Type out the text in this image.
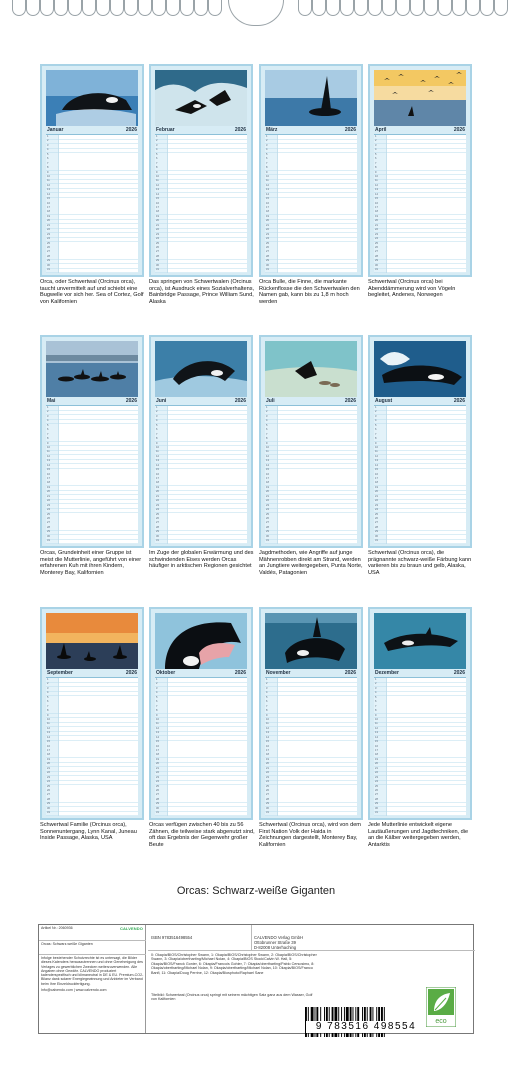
Januar	2026
1
2
3
4
5
6
7
8
9
10
11
12
13
14
15
16
17
18
19
20
21
22
23
24
25
26
27
28
29
30
31
Orca, oder Schwertwal (Orcinus orca), taucht unvermittelt auf und schiebt eine Bugwelle vor sich her. Sea of Cortez, Golf von Kalifornien
Februar	2026
1
2
3
4
5
6
7
8
9
10
11
12
13
14
15
16
17
18
19
20
21
22
23
24
25
26
27
28
29
30
31
Das springen von Schwertwalen (Orcinus orca), ist Ausdruck eines Sozialverhaltens, Bainbridge Passage, Prince William Sund, Alaska
März	2026
1
2
3
4
5
6
7
8
9
10
11
12
13
14
15
16
17
18
19
20
21
22
23
24
25
26
27
28
29
30
31
Orca Bulle, die Finne, die markante Rückenflosse die den Schwertwalen den Namen gab, kann bis zu 1,8 m hoch werden
April	2026
1
2
3
4
5
6
7
8
9
10
11
12
13
14
15
16
17
18
19
20
21
22
23
24
25
26
27
28
29
30
31
Schwertwal (Orcinus orca) bei Abenddämmerung wird von Vögeln begleitet, Andenes, Norwegen
Mai	2026
1
2
3
4
5
6
7
8
9
10
11
12
13
14
15
16
17
18
19
20
21
22
23
24
25
26
27
28
29
30
31
Orcas, Grundeinheit einer Gruppe ist meist die Mutterlinie, angeführt von einer erfahrenen Kuh mit ihren Kindern, Monterey Bay, Kalifornien
Juni	2026
1
2
3
4
5
6
7
8
9
10
11
12
13
14
15
16
17
18
19
20
21
22
23
24
25
26
27
28
29
30
31
Im Zuge der globalen Erwärmung und des schwindenden Eises werden Orcas häufiger in arktischen Regionen gesichtet
Juli	2026
1
2
3
4
5
6
7
8
9
10
11
12
13
14
15
16
17
18
19
20
21
22
23
24
25
26
27
28
29
30
31
Jagdmethoden, wie Angriffe auf junge Mähnenrobben direkt am Strand, werden an Jungtiere weitergegeben, Punta Norte, Valdés, Patagonien
August	2026
1
2
3
4
5
6
7
8
9
10
11
12
13
14
15
16
17
18
19
20
21
22
23
24
25
26
27
28
29
30
31
Schwertwal (Orcinus orca), die prägnannte schwarz-weiße Färbung kann variieren bis zu braun und gelb, Alaska, USA
September	2026
1
2
3
4
5
6
7
8
9
10
11
12
13
14
15
16
17
18
19
20
21
22
23
24
25
26
27
28
29
30
31
Schwertwal Familie (Orcinus orca), Sonnenuntergang, Lynn Kanal, Juneau Inside Passage, Alaska, USA
Oktober	2026
1
2
3
4
5
6
7
8
9
10
11
12
13
14
15
16
17
18
19
20
21
22
23
24
25
26
27
28
29
30
31
Orcas verfügen zwischen 40 bis zu 56 Zähnen, die teilweise stark abgenutzt sind, oft das Ergebnis der Gegenwehr großer Beute
November	2026
1
2
3
4
5
6
7
8
9
10
11
12
13
14
15
16
17
18
19
20
21
22
23
24
25
26
27
28
29
30
31
Schwertwal (Orcinus orca), wird von dem First Nation Volk der Haida in Zeichnungen dargestellt, Monterey Bay, Kalifornien
Dezember	2026
1
2
3
4
5
6
7
8
9
10
11
12
13
14
15
16
17
18
19
20
21
22
23
24
25
26
27
28
29
30
31
Jede Mutterlinie entwickelt eigene Lautäußerungen und Jagdtechniken, die an die Kälber weitergegeben werden, Antarktis
Orcas: Schwarz-weiße Giganten
Artikel Nr.: 2060936	CALVENDO
Orcas: Schwarz-weiße Giganten
Infolge bestehender Schutzrechte ist es untersagt, die Bilder dieses Kalenders herauszutrennen und ohne Genehmigung des Verlages zu gewerblichen Zwecken weiterzuverwenden. Alle Angaben ohne Gewähr. CALVENDO produziert kalenderspezifisch und klimaneutral in DE & EU. Premium-CO2-Bilanz dank solarer Energiegewinnung und Anbieter im Verband beim Ihre Einzeldruckfertigung.
Info@calvendo.com | www.calvendo.com
ISBN 9783516498554	CALVENDO Verlag GmbH
Ottobrunner Straße 39
D-82008 Unterhaching
0: Okapia/BIOS/Christopher Swann, 1: Okapia/BIOS/Christopher Swann, 2: Okapia/BIOS/Christopher Swann, 3: Okapia/obertharting/Michael Nolan, 4: Okapia/BIOS Stock/Calvin W. Hall, 5: Okapia/BIOS/Franck Gonier, 6: Okapia/Francois Gohier, 7: Okapia/obertharting/Pablo Cersosimo, 8: Okapia/obertharting/Michael Nolan, 9: Okapia/obertharting/Michael Nolan, 10: Okapia/BIOS/Franco Banfi, 11: Okapia/Doug Perrine, 12: Okapia/Biosphoto/Raphael Sane
Titelbild: Schwertwal (Orcinus orca) springt mit seinem mächtigen Satz ganz aus dem Wasser, Golf von Kalifornien
9 783516 498554	eco
